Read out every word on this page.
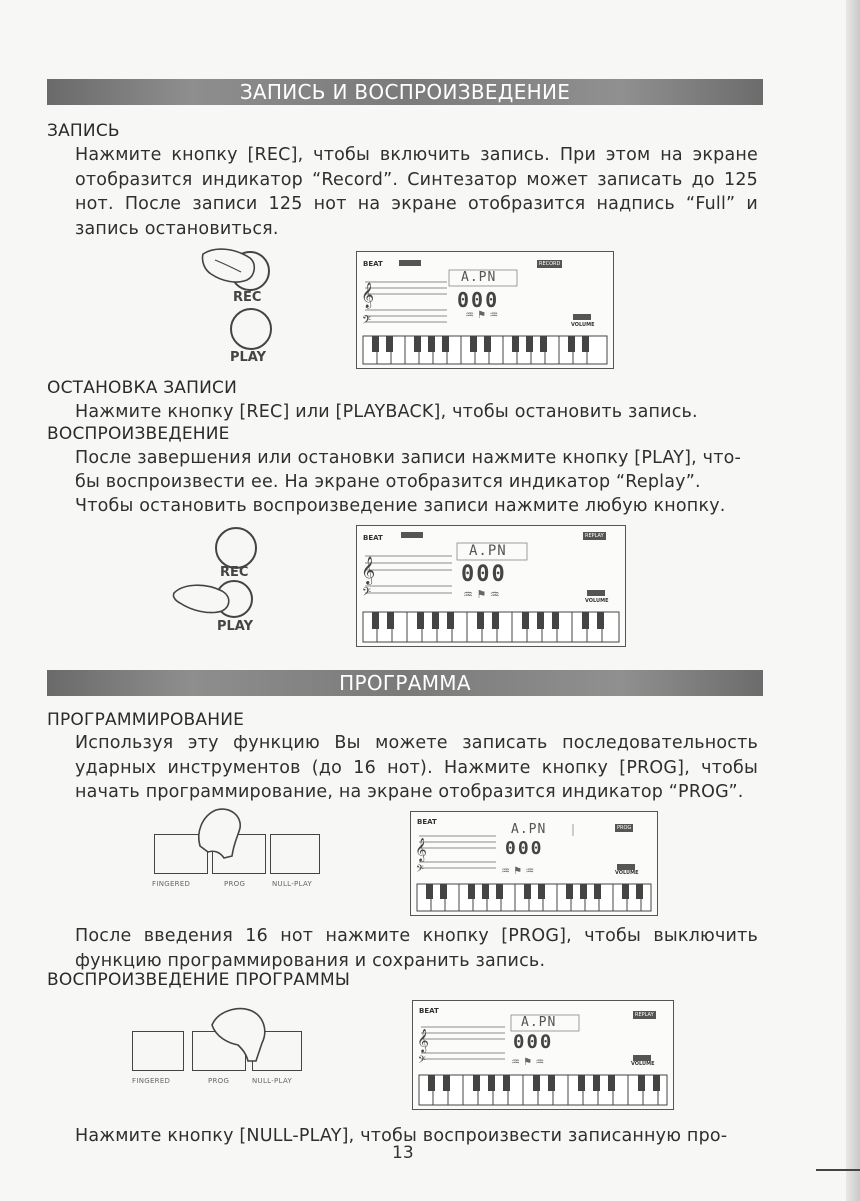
ЗАПИСЬ И ВОСПРОИЗВЕДЕНИЕ
ЗАПИСЬ

Нажмите кнопку [REC], чтобы включить запись. При этом на экране отобразится индикатор “Record”. Синтезатор может записать до 125 нот. После записи 125 нот на экране отобразится надпись “Full” и запись остановиться.

REC
PLAY
𝄞
𝄢	♒ ⚑ ♒
BEAT	RECORD
A.PN
000
VOLUME
ОСТАНОВКА ЗАПИСИ

Нажмите кнопку [REC] или [PLAYBACK], чтобы остановить запись.

ВОСПРОИЗВЕДЕНИЕ

После завершения или остановки записи нажмите кнопку [PLAY], что-

бы воспроизвести ее. На экране отобразится индикатор “Replay”.

Чтобы остановить воспроизведение записи нажмите любую кнопку.

REC
PLAY
𝄞
𝄢	♒ ⚑ ♒
BEAT	REPLAY
A.PN
000
VOLUME
ПРОГРАММА
ПРОГРАММИРОВАНИЕ

Используя эту функцию Вы можете записать последовательность ударных инструментов (до 16 нот). Нажмите кнопку [PROG], чтобы начать программирование, на экране отобразится индикатор “PROG”.

FINGERED	PROG	NULL-PLAY
𝄞
𝄢	♒ ⚑ ♒
BEAT
PROG
A.PN
000
VOLUME

После введения 16 нот нажмите кнопку [PROG], чтобы выключить функцию программирования и сохранить запись.

ВОСПРОИЗВЕДЕНИЕ ПРОГРАММЫ
FINGERED	PROG	NULL-PLAY
𝄞
𝄢	♒ ⚑ ♒
BEAT	REPLAY
A.PN
000
VOLUME

Нажмите кнопку [NULL-PLAY], чтобы воспроизвести записанную про-

13
